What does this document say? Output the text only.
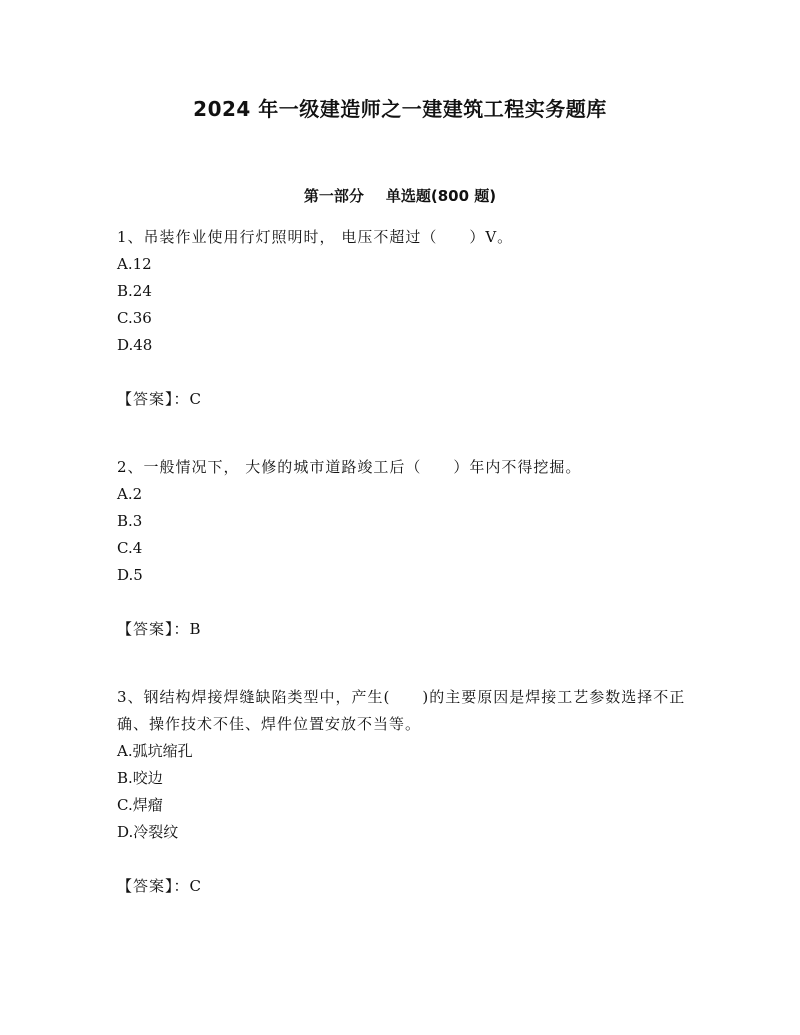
2024 年一级建造师之一建建筑工程实务题库
第一部分 单选题(800 题)

1、吊装作业使用行灯照明时， 电压不超过（　　）V。

A.12

B.24

C.36

D.48

【答案】：C

2、一般情况下， 大修的城市道路竣工后（　　）年内不得挖掘。

A.2

B.3

C.4

D.5

【答案】：B

3、钢结构焊接焊缝缺陷类型中，产生(　　)的主要原因是焊接工艺参数选择不正确、操作技术不佳、焊件位置安放不当等。

A.弧坑缩孔

B.咬边

C.焊瘤

D.冷裂纹

【答案】：C
